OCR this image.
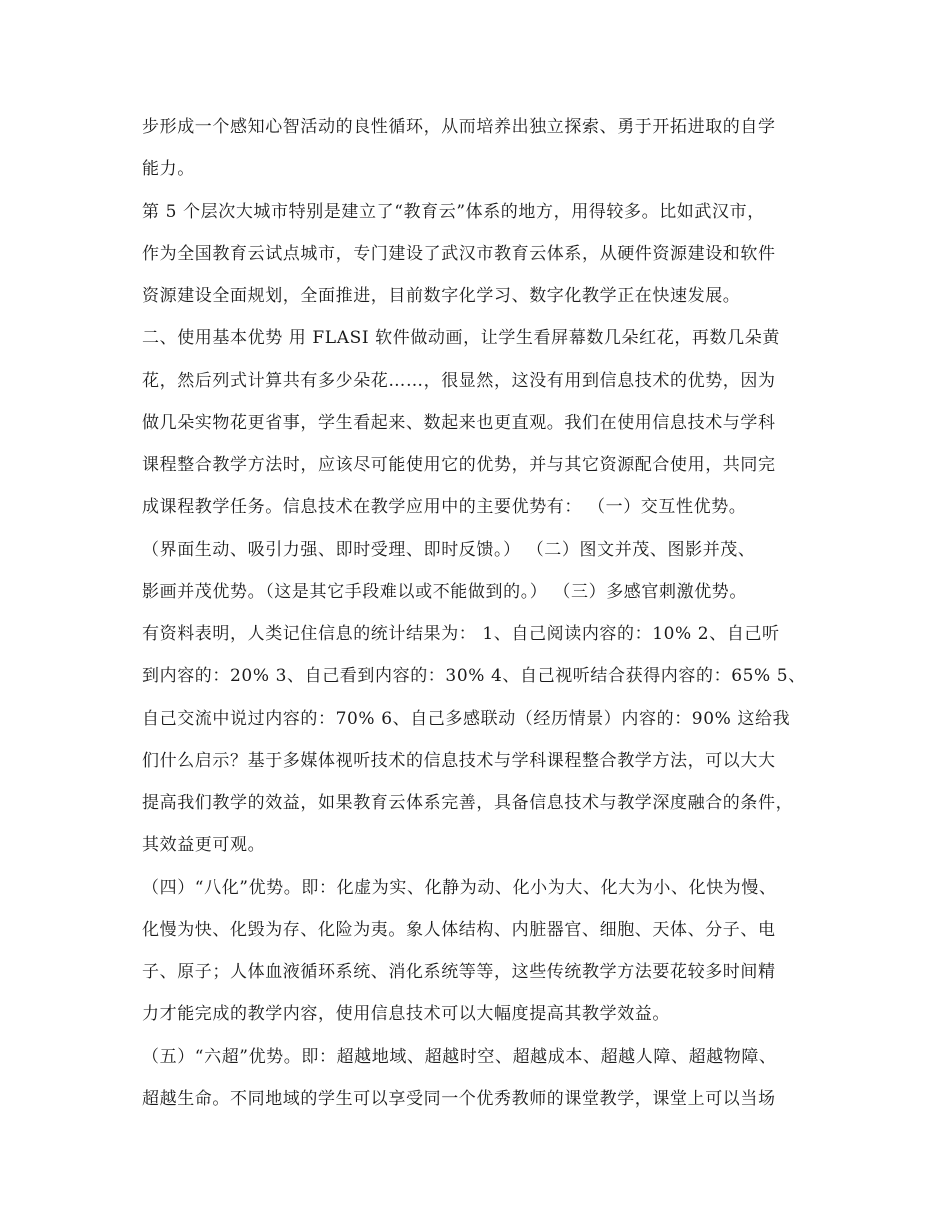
步形成一个感知心智活动的良性循环，从而培养出独立探索、勇于开拓进取的自学
能力。
第 5 个层次大城市特别是建立了“教育云”体系的地方，用得较多。比如武汉市，
作为全国教育云试点城市，专门建设了武汉市教育云体系，从硬件资源建设和软件
资源建设全面规划，全面推进，目前数字化学习、数字化教学正在快速发展。
二、使用基本优势 用 FLASI 软件做动画，让学生看屏幕数几朵红花，再数几朵黄
花，然后列式计算共有多少朵花……，很显然，这没有用到信息技术的优势，因为
做几朵实物花更省事，学生看起来、数起来也更直观。我们在使用信息技术与学科
课程整合教学方法时，应该尽可能使用它的优势，并与其它资源配合使用，共同完
成课程教学任务。信息技术在教学应用中的主要优势有： （一）交互性优势。
（界面生动、吸引力强、即时受理、即时反馈。） （二）图文并茂、图影并茂、
影画并茂优势。（这是其它手段难以或不能做到的。） （三）多感官刺激优势。
有资料表明，人类记住信息的统计结果为： 1、自己阅读内容的：10% 2、自己听
到内容的：20% 3、自己看到内容的：30% 4、自己视听结合获得内容的：65% 5、
自己交流中说过内容的：70% 6、自己多感联动（经历情景）内容的：90% 这给我
们什么启示？基于多媒体视听技术的信息技术与学科课程整合教学方法，可以大大
提高我们教学的效益，如果教育云体系完善，具备信息技术与教学深度融合的条件，
其效益更可观。
（四）“八化”优势。即：化虚为实、化静为动、化小为大、化大为小、化快为慢、
化慢为快、化毁为存、化险为夷。象人体结构、内脏器官、细胞、天体、分子、电
子、原子；人体血液循环系统、消化系统等等，这些传统教学方法要花较多时间精
力才能完成的教学内容，使用信息技术可以大幅度提高其教学效益。
（五）“六超”优势。即：超越地域、超越时空、超越成本、超越人障、超越物障、
超越生命。不同地域的学生可以享受同一个优秀教师的课堂教学，课堂上可以当场
